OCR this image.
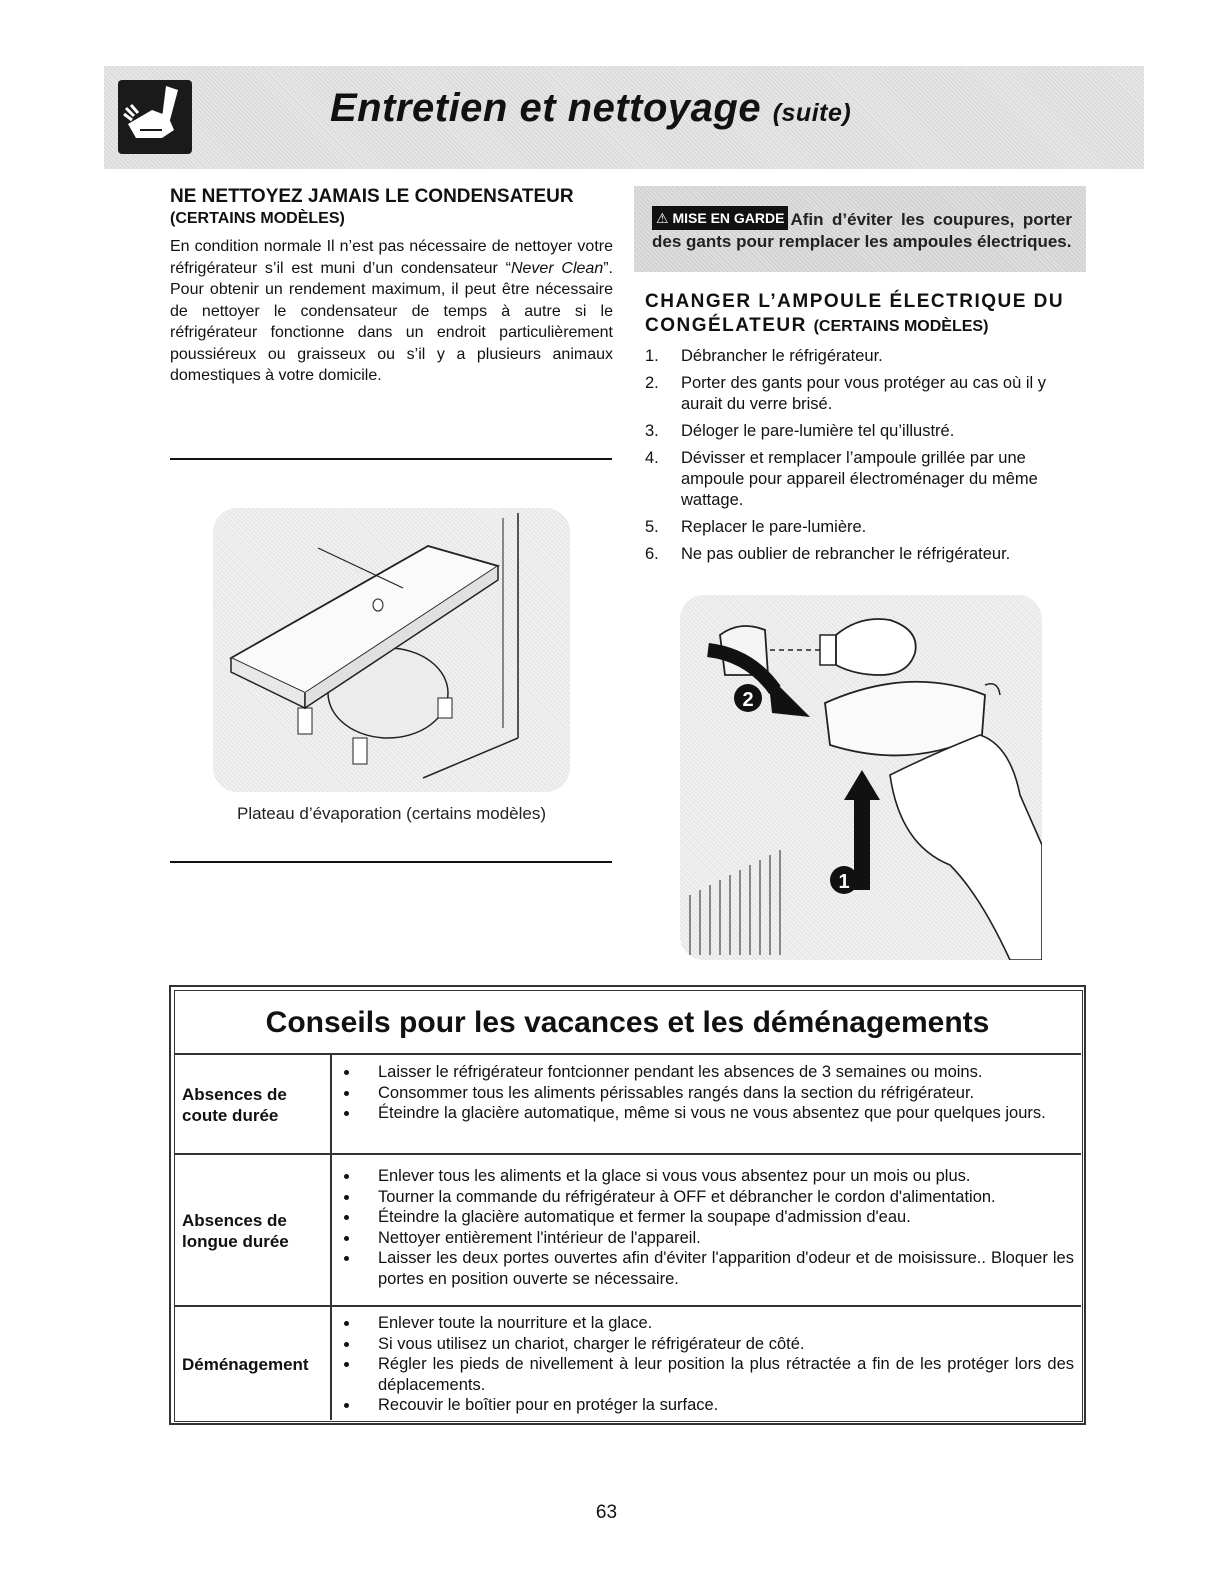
Entretien et nettoyage (suite)
NE NETTOYEZ JAMAIS LE CONDENSATEUR
(CERTAINS MODÈLES)
En condition normale Il n’est pas nécessaire de nettoyer votre réfrigérateur s’il est muni d’un condensateur “Never Clean”. Pour obtenir un rendement maximum, il peut être nécessaire de nettoyer le condensateur de temps à autre si le réfrigérateur fonctionne dans un endroit particulièrement poussiéreux ou graisseux ou s’il y a plusieurs animaux domestiques à votre domicile.
Plateau d’évaporation (certains modèles)
⚠ MISE EN GARDE Afin d’éviter les coupures, porter des gants pour remplacer les ampoules électriques.
CHANGER L’AMPOULE ÉLECTRIQUE DU CONGÉLATEUR (CERTAINS MODÈLES)
1. Débrancher le réfrigérateur.
2. Porter des gants pour vous protéger au cas où il y aurait du verre brisé.
3. Déloger le pare-lumière tel qu’illustré.
4. Dévisser et remplacer l’ampoule grillée par une ampoule pour appareil électroménager du même wattage.
5. Replacer le pare-lumière.
6. Ne pas oublier de rebrancher le réfrigérateur.
2
1
Conseils pour les vacances et les déménagements
Absences de coute durée
Laisser le réfrigérateur fontcionner pendant les absences de 3 semaines ou moins.
Consommer tous les aliments périssables rangés dans la section du réfrigérateur.
Éteindre la glacière automatique, même si vous ne vous absentez que pour quelques jours.
Absences de longue durée
Enlever tous les aliments et la glace si vous vous absentez pour un mois ou plus.
Tourner la commande du réfrigérateur à OFF et débrancher le cordon d'alimentation.
Éteindre la glacière automatique et fermer la soupape d'admission d'eau.
Nettoyer entièrement l'intérieur de l'appareil.
Laisser les deux portes ouvertes afin d'éviter l'apparition d'odeur et de moisissure.. Bloquer les portes en position ouverte se nécessaire.
Déménagement
Enlever toute la nourriture et la glace.
Si vous utilisez un chariot, charger le réfrigérateur de côté.
Régler les pieds de nivellement à leur position la plus rétractée a fin de les protéger lors des déplacements.
Recouvir le boîtier pour en protéger la surface.
63
